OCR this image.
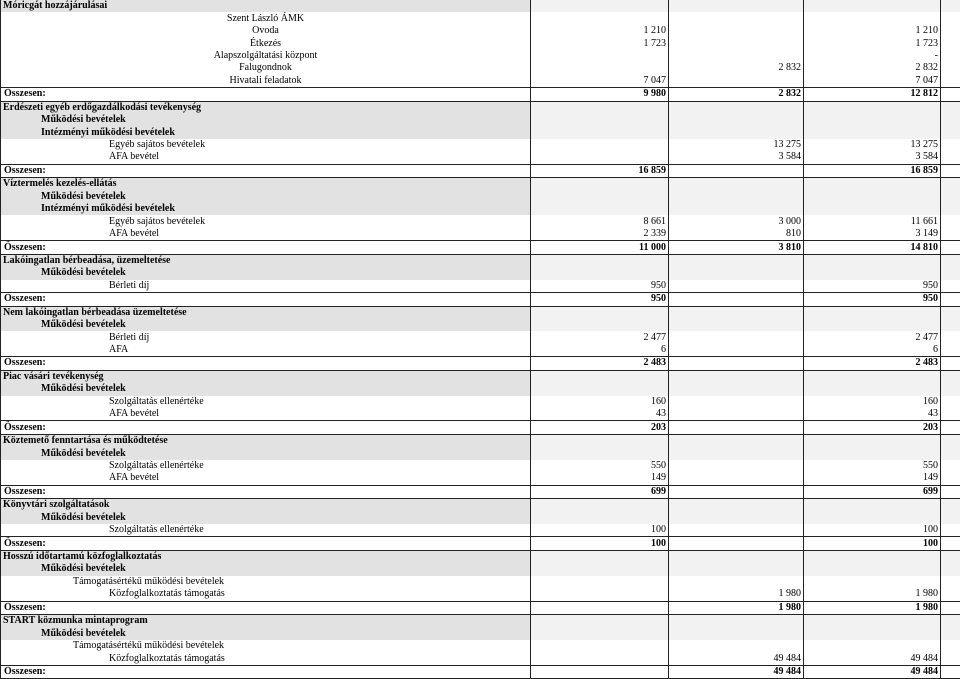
Móricgát hozzájárulásai				
Szent László ÁMK				
Óvoda	1 210		1 210	
Étkezés	1 723		1 723	
Alapszolgáltatási központ			-	
Falugondnok		2 832	2 832	
Hivatali feladatok	7 047		7 047	
Összesen:	9 980	2 832	12 812	
Erdészeti egyéb erdőgazdálkodási tevékenység				
Működési bevételek				
Intézményi működési bevételek				
Egyéb sajátos bevételek		13 275	13 275	
ÁFA bevétel		3 584	3 584	
Összesen:	16 859		16 859	
Víztermelés kezelés-ellátás				
Működési bevételek				
Intézményi működési bevételek				
Egyéb sajátos bevételek	8 661	3 000	11 661	
ÁFA bevétel	2 339	810	3 149	
Összesen:	11 000	3 810	14 810	
Lakóingatlan bérbeadása, üzemeltetése				
Működési bevételek				
Bérleti díj	950		950	
Összesen:	950		950	
Nem lakóingatlan bérbeadása üzemeltetése				
Működési bevételek				
Bérleti díj	2 477		2 477	
ÁFA	6		6	
Összesen:	2 483		2 483	
Piac vásári tevékenység				
Működési bevételek				
Szolgáltatás ellenértéke	160		160	
ÁFA bevétel	43		43	
Összesen:	203		203	
Köztemető fenntartása és működtetése				
Működési bevételek				
Szolgáltatás ellenértéke	550		550	
ÁFA bevétel	149		149	
Összesen:	699		699	
Könyvtári szolgáltatások				
Működési bevételek				
Szolgáltatás ellenértéke	100		100	
Összesen:	100		100	
Hosszú időtartamú közfoglalkoztatás				
Működési bevételek				
Támogatásértékű működési bevételek				
Közfoglalkoztatás támogatás		1 980	1 980	
Összesen:		1 980	1 980	
START közmunka mintaprogram				
Működési bevételek				
Támogatásértékű működési bevételek				
Közfoglalkoztatás támogatás		49 484	49 484	
Összesen:		49 484	49 484	
